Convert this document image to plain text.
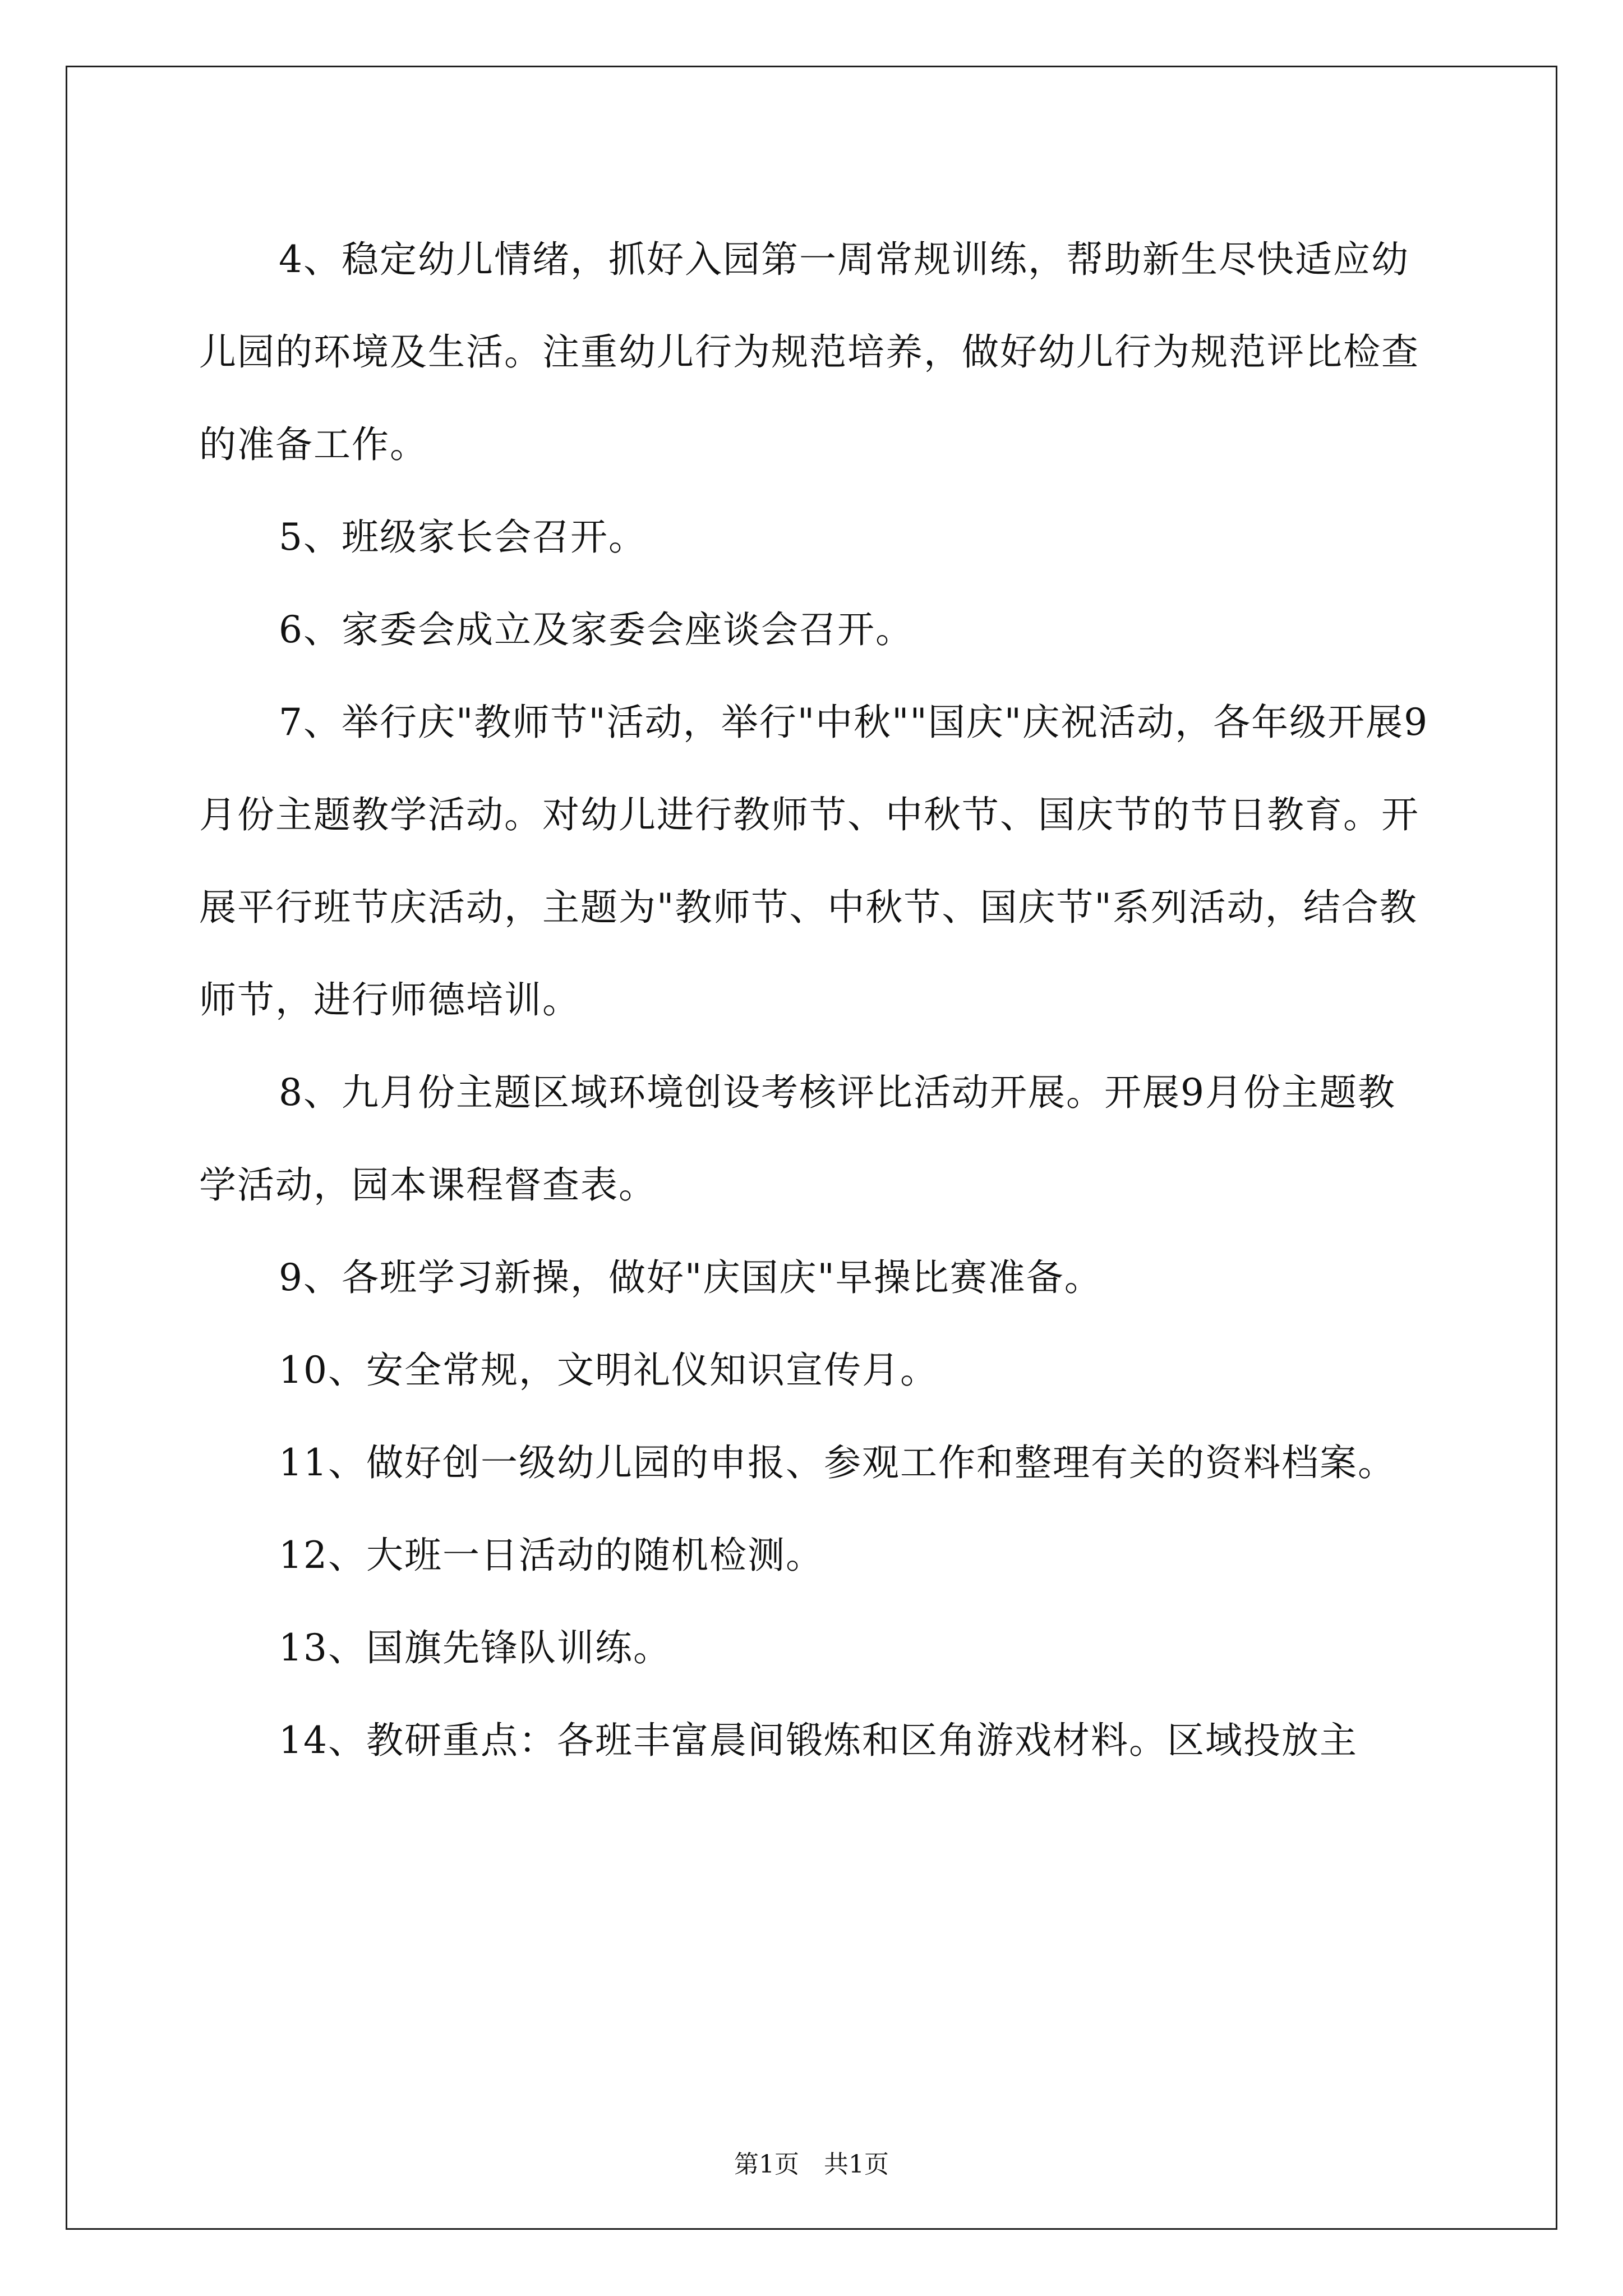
4、稳定幼儿情绪，抓好入园第一周常规训练，帮助新生尽快适应幼儿园的环境及生活。注重幼儿行为规范培养，做好幼儿行为规范评比检查的准备工作。

5、班级家长会召开。

6、家委会成立及家委会座谈会召开。

7、举行庆"教师节"活动，举行"中秋""国庆"庆祝活动，各年级开展9月份主题教学活动。对幼儿进行教师节、中秋节、国庆节的节日教育。开展平行班节庆活动，主题为"教师节、中秋节、国庆节"系列活动，结合教师节，进行师德培训。

8、九月份主题区域环境创设考核评比活动开展。开展9月份主题教学活动，园本课程督查表。

9、各班学习新操，做好"庆国庆"早操比赛准备。

10、安全常规，文明礼仪知识宣传月。

11、做好创一级幼儿园的申报、参观工作和整理有关的资料档案。

12、大班一日活动的随机检测。

13、国旗先锋队训练。

14、教研重点：各班丰富晨间锻炼和区角游戏材料。区域投放主

第1页　共1页
